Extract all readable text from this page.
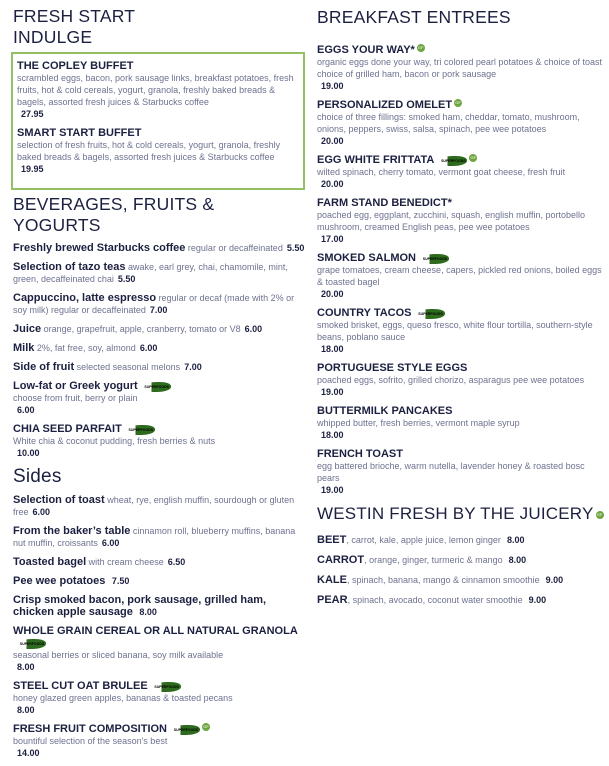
FRESH START
INDULGE
THE COPLEY BUFFET
scrambled eggs, bacon, pork sausage links, breakfast potatoes, fresh fruits, hot & cold cereals, yogurt, granola, freshly baked breads & bagels, assorted fresh juices & Starbucks coffee
27.95
SMART START BUFFET
selection of fresh fruits, hot & cold cereals, yogurt, granola, freshly baked breads & bagels, assorted fresh juices & Starbucks coffee
19.95
BEVERAGES, FRUITS & YOGURTS
Freshly brewed Starbucks coffee regular or decaffeinated 5.50
Selection of tazo teas awake, earl grey, chai, chamomile, mint, green, decaffeinated chai 5.50
Cappuccino, latte espresso regular or decaf (made with 2% or soy milk) regular or decaffeinated 7.00
Juice orange, grapefruit, apple, cranberry, tomato or V8 6.00
Milk 2%, fat free, soy, almond 6.00
Side of fruit selected seasonal melons 7.00
Low-fat or Greek yogurt SUPERFOODS
choose from fruit, berry or plain
6.00
CHIA SEED PARFAIT SUPERFOODS
White chia & coconut pudding, fresh berries & nuts
10.00
Sides
Selection of toast wheat, rye, english muffin, sourdough or gluten free 6.00
From the baker’s table cinnamon roll, blueberry muffins, banana nut muffin, croissants 6.00
Toasted bagel with cream cheese 6.50
Pee wee potatoes 7.50
Crisp smoked bacon, pork sausage, grilled ham, chicken apple sausage 8.00
WHOLE GRAIN CEREAL OR ALL NATURAL GRANOLASUPERFOODS
seasonal berries or sliced banana, soy milk available
8.00
STEEL CUT OAT BRULEE SUPERFOODS
honey glazed green apples, bananas & toasted pecans
8.00
FRESH FRUIT COMPOSITION SUPERFOODSGF
bountiful selection of the season's best
14.00
BREAKFAST ENTREES
EGGS YOUR WAY* GF
organic eggs done your way, tri colored pearl potatoes & choice of toast choice of grilled ham, bacon or pork sausage
19.00
PERSONALIZED OMELET GF
choice of three fillings: smoked ham, cheddar, tomato, mushroom, onions, peppers, swiss, salsa, spinach, pee wee potatoes
20.00
EGG WHITE FRITTATA SUPERFOODSGF
wilted spinach, cherry tomato, vermont goat cheese, fresh fruit
20.00
FARM STAND BENEDICT*
poached egg, eggplant, zucchini, squash, english muffin, portobello mushroom, creamed English peas, pee wee potatoes
17.00
SMOKED SALMON SUPERFOODS
grape tomatoes, cream cheese, capers, pickled red onions, boiled eggs & toasted bagel
20.00
COUNTRY TACOS SUPERFOODS
smoked brisket, eggs, queso fresco, white flour tortilla, southern-style beans, poblano sauce
18.00
PORTUGUESE STYLE EGGS
poached eggs, sofrito, grilled chorizo, asparagus pee wee potatoes
19.00
BUTTERMILK PANCAKES
whipped butter, fresh berries, vermont maple syrup
18.00
FRENCH TOAST
egg battered brioche, warm nutella, lavender honey & roasted bosc pears
19.00
WESTIN FRESH BY THE JUICERY GF
BEET, carrot, kale, apple juice, lemon ginger 8.00
CARROT, orange, ginger, turmeric & mango 8.00
KALE, spinach, banana, mango & cinnamon smoothie 9.00
PEAR, spinach, avocado, coconut water smoothie 9.00
